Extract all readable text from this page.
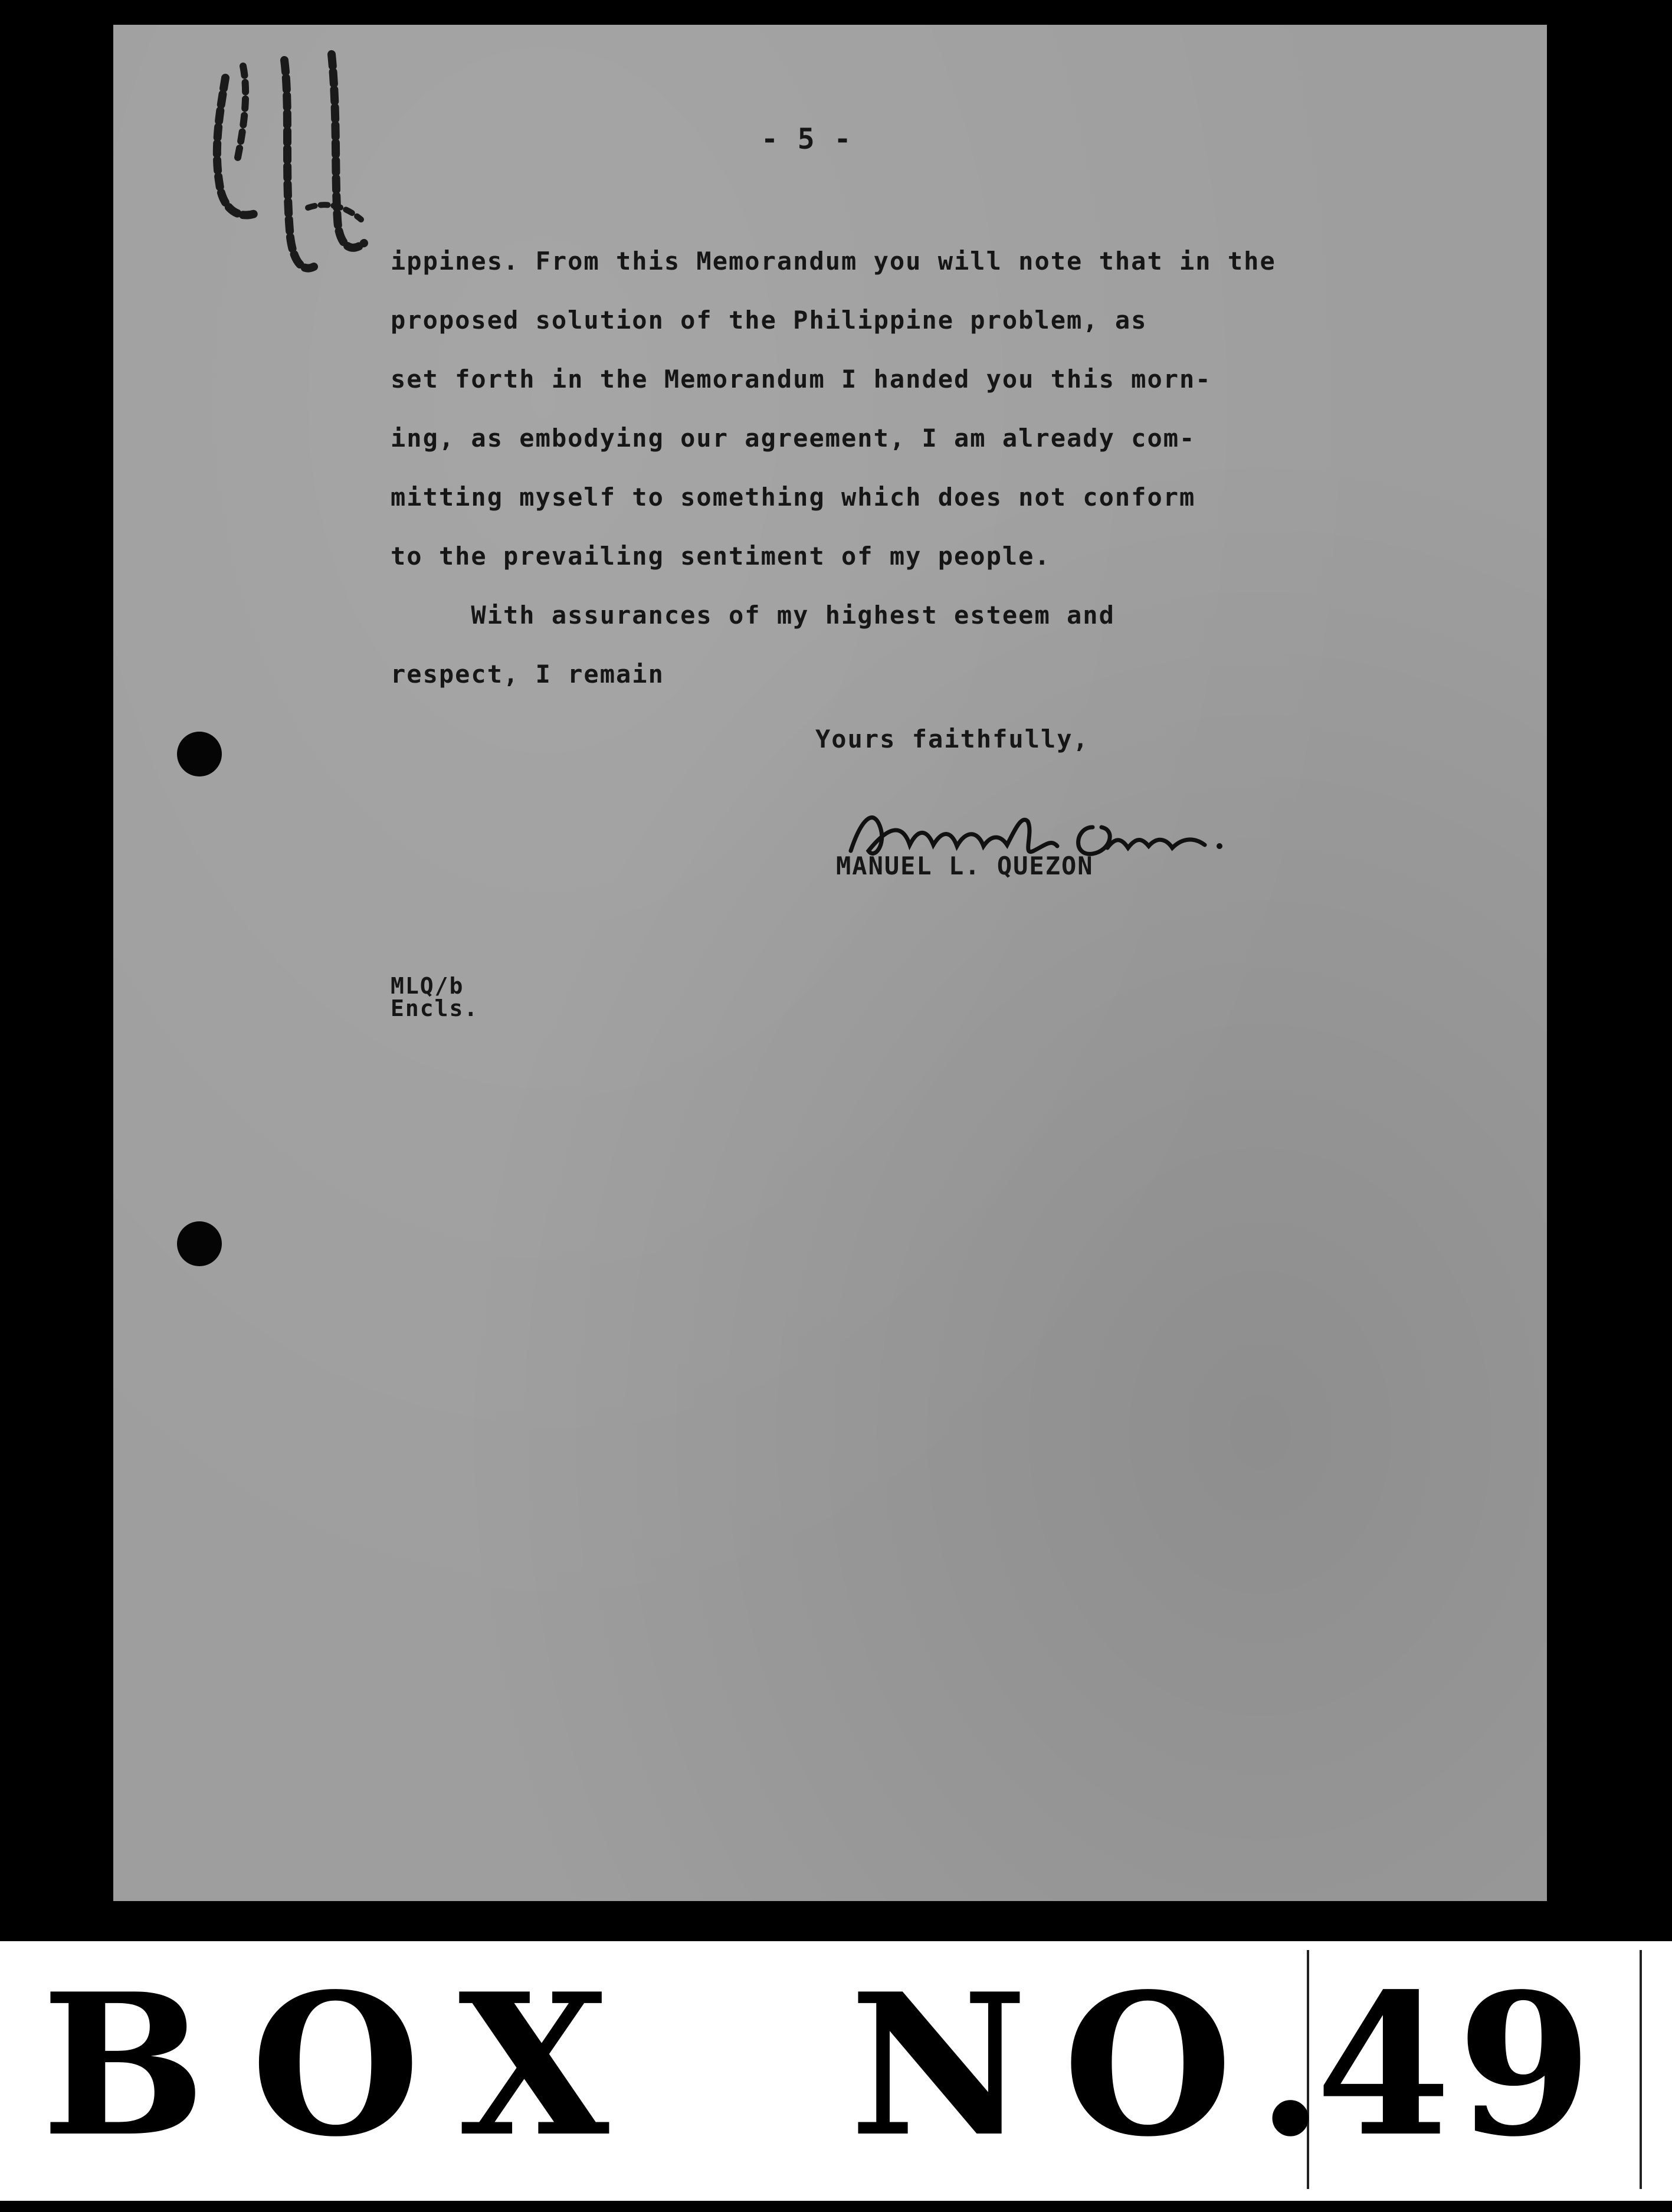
- 5 -
ippines. From this Memorandum you will note that in the
proposed solution of the Philippine problem, as
set forth in the Memorandum I handed you this morn-
ing, as embodying our agreement, I am already com-
mitting myself to something which does not conform
to the prevailing sentiment of my people.
With assurances of my highest esteem and
respect, I remain
Yours faithfully,
MANUEL L. QUEZON
MLQ/b
Encls.
BOX NO.
49
